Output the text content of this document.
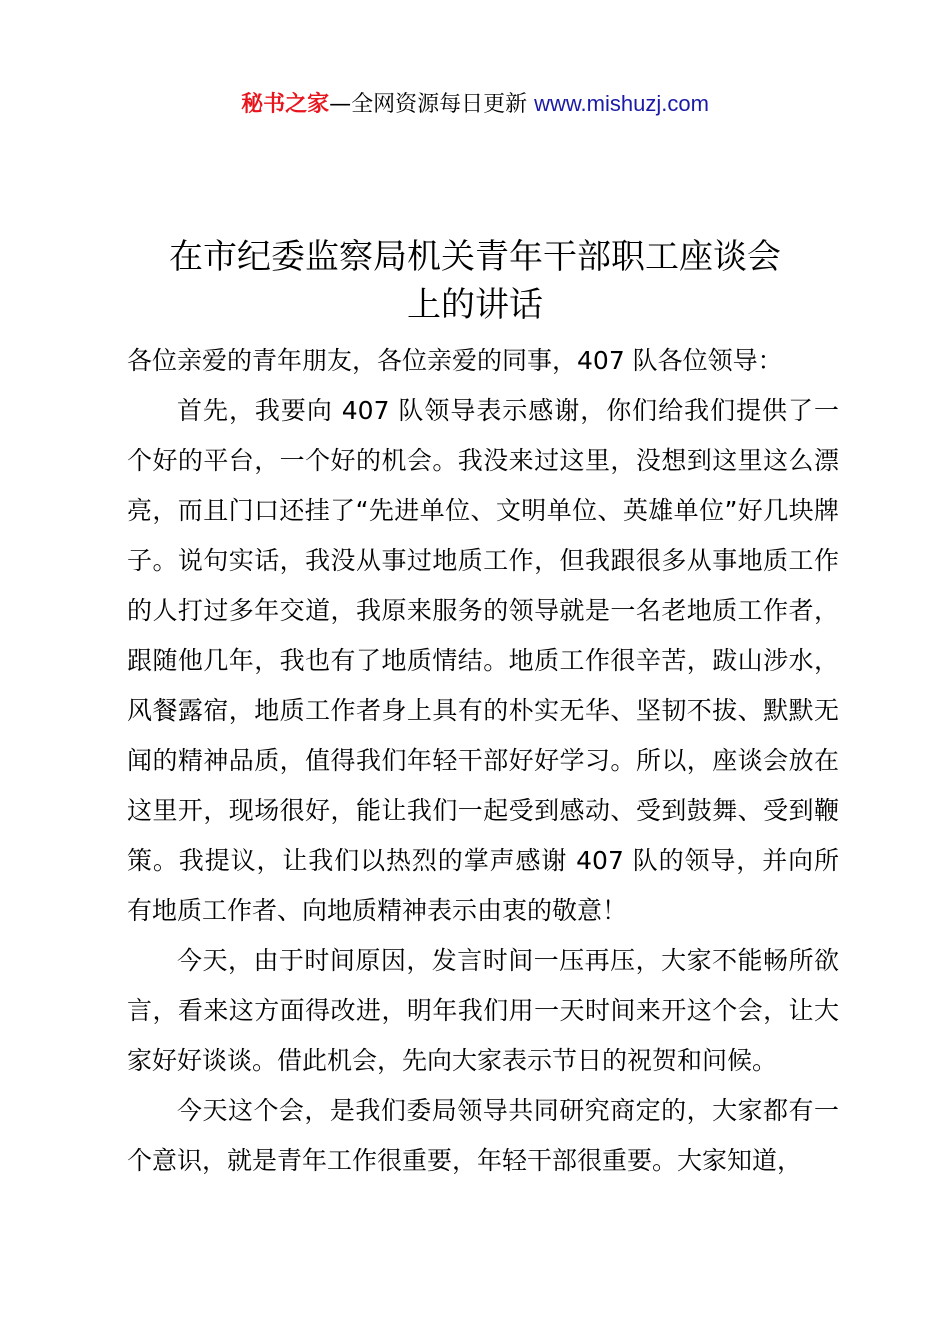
秘书之家—全网资源每日更新 www.mishuzj.com
在市纪委监察局机关青年干部职工座谈会
上的讲话

各位亲爱的青年朋友，各位亲爱的同事，407 队各位领导：

首先，我要向 407 队领导表示感谢，你们给我们提供了一个好的平台，一个好的机会。我没来过这里，没想到这里这么漂亮，而且门口还挂了“先进单位、文明单位、英雄单位”好几块牌子。说句实话，我没从事过地质工作，但我跟很多从事地质工作的人打过多年交道，我原来服务的领导就是一名老地质工作者，跟随他几年，我也有了地质情结。地质工作很辛苦，跋山涉水，风餐露宿，地质工作者身上具有的朴实无华、坚韧不拔、默默无闻的精神品质，值得我们年轻干部好好学习。所以，座谈会放在这里开，现场很好，能让我们一起受到感动、受到鼓舞、受到鞭策。我提议，让我们以热烈的掌声感谢 407 队的领导，并向所有地质工作者、向地质精神表示由衷的敬意！

今天，由于时间原因，发言时间一压再压，大家不能畅所欲言，看来这方面得改进，明年我们用一天时间来开这个会，让大家好好谈谈。借此机会，先向大家表示节日的祝贺和问候。

今天这个会，是我们委局领导共同研究商定的，大家都有一个意识，就是青年工作很重要，年轻干部很重要。大家知道，
